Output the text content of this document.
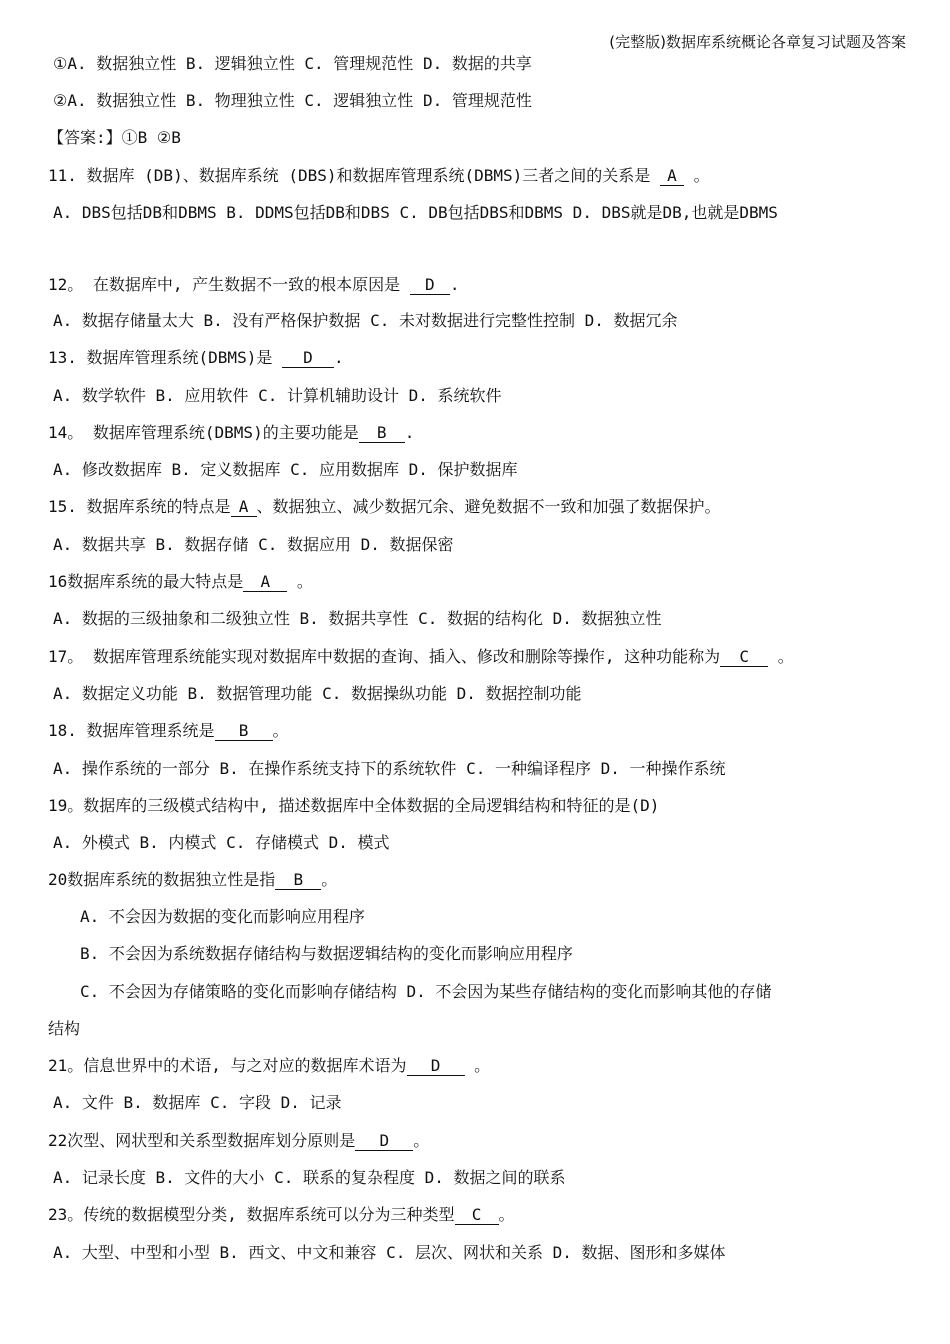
(完整版)数据库系统概论各章复习试题及答案
①A. 数据独立性 B. 逻辑独立性 C. 管理规范性 D. 数据的共享
②A. 数据独立性 B. 物理独立性 C. 逻辑独立性 D. 管理规范性
【答案:】①B ②B
11. 数据库 (DB)、数据库系统 (DBS)和数据库管理系统(DBMS)三者之间的关系是 A 。
A. DBS包括DB和DBMS B. DDMS包括DB和DBS C. DB包括DBS和DBMS D. DBS就是DB,也就是DBMS
12。 在数据库中, 产生数据不一致的根本原因是 D .
A. 数据存储量太大 B. 没有严格保护数据 C. 未对数据进行完整性控制 D. 数据冗余
13. 数据库管理系统(DBMS)是 D .
A. 数学软件 B. 应用软件 C. 计算机辅助设计 D. 系统软件
14。 数据库管理系统(DBMS)的主要功能是 B .
A. 修改数据库 B. 定义数据库 C. 应用数据库 D. 保护数据库
15. 数据库系统的特点是 A 、数据独立、减少数据冗余、避免数据不一致和加强了数据保护。
A. 数据共享 B. 数据存储 C. 数据应用 D. 数据保密
16数据库系统的最大特点是 A 。
A. 数据的三级抽象和二级独立性 B. 数据共享性 C. 数据的结构化 D. 数据独立性
17。 数据库管理系统能实现对数据库中数据的查询、插入、修改和删除等操作, 这种功能称为 C 。
A. 数据定义功能 B. 数据管理功能 C. 数据操纵功能 D. 数据控制功能
18. 数据库管理系统是 B 。
A. 操作系统的一部分 B. 在操作系统支持下的系统软件 C. 一种编译程序 D. 一种操作系统
19。数据库的三级模式结构中, 描述数据库中全体数据的全局逻辑结构和特征的是(D)
A. 外模式 B. 内模式 C. 存储模式 D. 模式
20数据库系统的数据独立性是指 B 。
A. 不会因为数据的变化而影响应用程序
B. 不会因为系统数据存储结构与数据逻辑结构的变化而影响应用程序
C. 不会因为存储策略的变化而影响存储结构 D. 不会因为某些存储结构的变化而影响其他的存储
结构
21。信息世界中的术语, 与之对应的数据库术语为 D 。
A. 文件 B. 数据库 C. 字段 D. 记录
22次型、网状型和关系型数据库划分原则是 D 。
A. 记录长度 B. 文件的大小 C. 联系的复杂程度 D. 数据之间的联系
23。传统的数据模型分类, 数据库系统可以分为三种类型 C 。
A. 大型、中型和小型 B. 西文、中文和兼容 C. 层次、网状和关系 D. 数据、图形和多媒体
